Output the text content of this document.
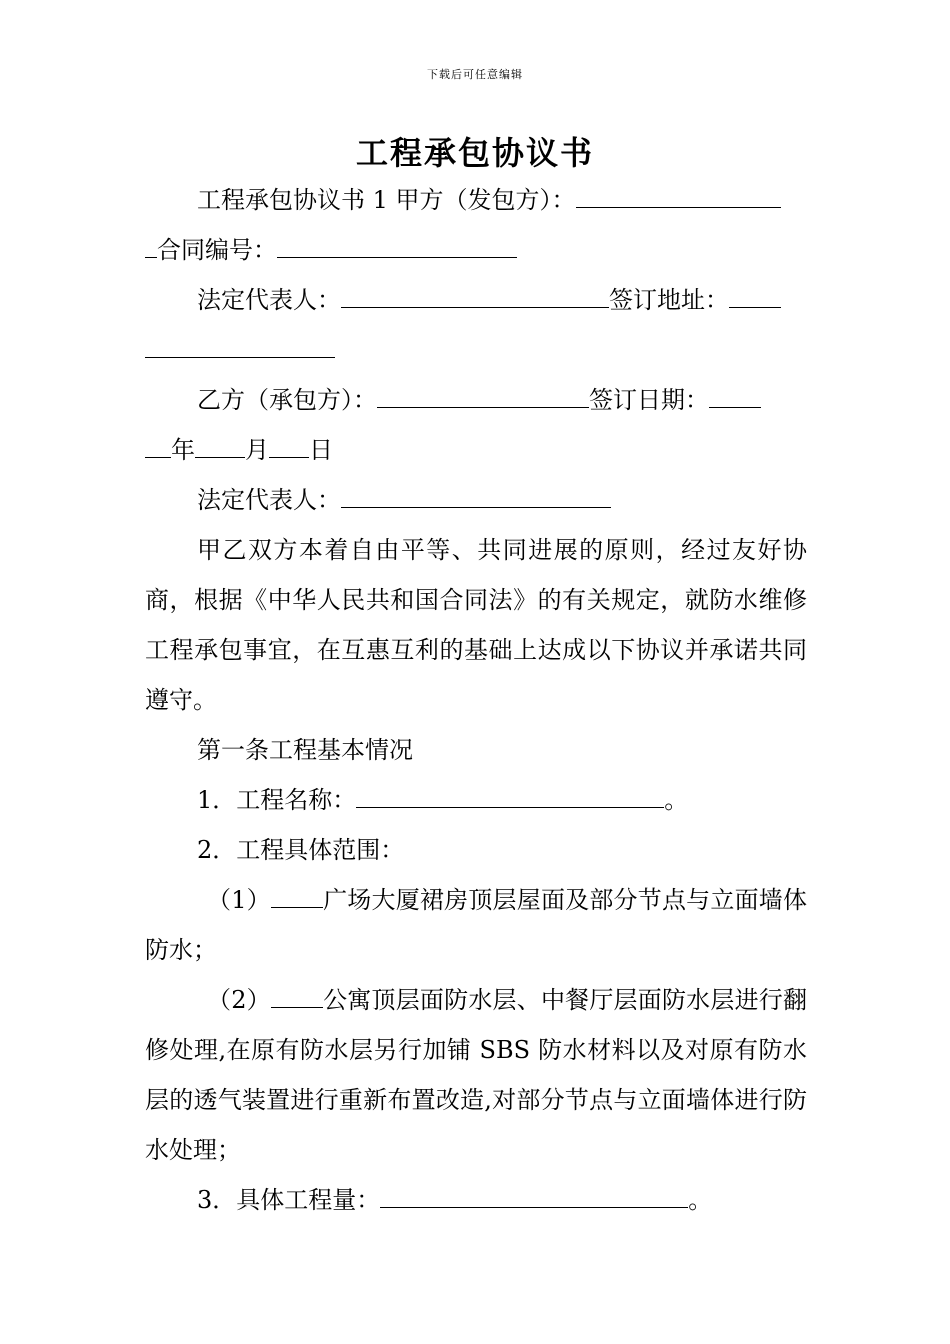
下载后可任意编辑
工程承包协议书

工程承包协议书 1 甲方（发包方）：

合同编号：

法定代表人：	签订地址：

乙方（承包方）：	签订日期：

年 月 日

法定代表人：

甲乙双方本着自由平等、共同进展的原则，经过友好协商，根据《中华人民共和国合同法》的有关规定，就防水维修工程承包事宜，在互惠互利的基础上达成以下协议并承诺共同遵守。

第一条工程基本情况

1．工程名称：	。

2．工程具体范围：

（1） 广场大厦裙房顶层屋面及部分节点与立面墙体防水；

（2） 公寓顶层面防水层、中餐厅层面防水层进行翻修处理,在原有防水层另行加铺 SBS 防水材料以及对原有防水层的透气装置进行重新布置改造,对部分节点与立面墙体进行防水处理；

3．具体工程量：	。
